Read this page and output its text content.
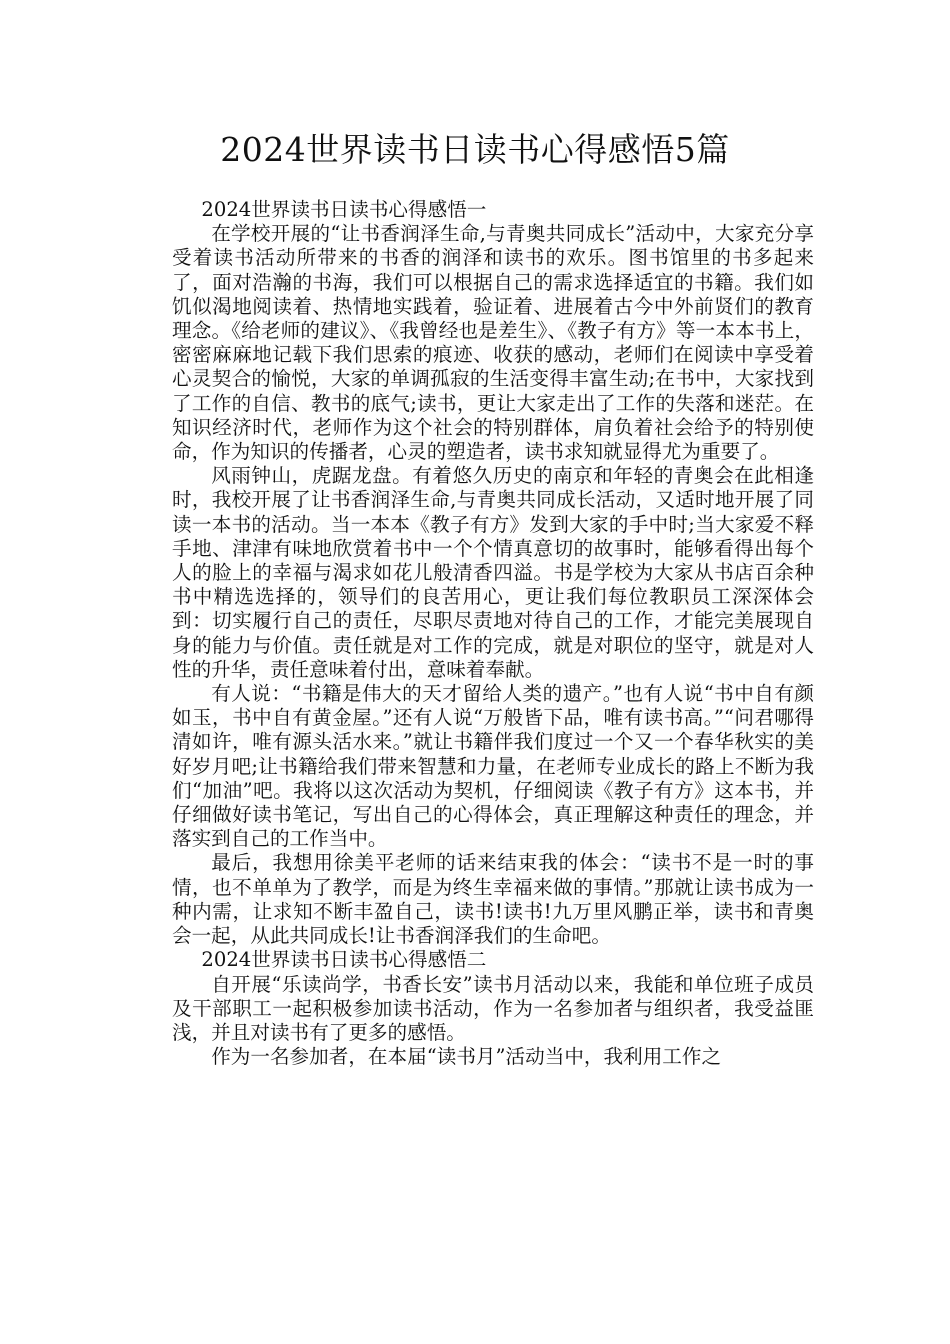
2024世界读书日读书心得感悟5篇
2024世界读书日读书心得感悟一

在学校开展的“让书香润泽生命,与青奥共同成长”活动中，大家充分享受着读书活动所带来的书香的润泽和读书的欢乐。图书馆里的书多起来了，面对浩瀚的书海，我们可以根据自己的需求选择适宜的书籍。我们如饥似渴地阅读着、热情地实践着，验证着、进展着古今中外前贤们的教育理念。《给老师的建议》、《我曾经也是差生》、《教子有方》等一本本书上，密密麻麻地记载下我们思索的痕迹、收获的感动，老师们在阅读中享受着心灵契合的愉悦，大家的单调孤寂的生活变得丰富生动;在书中，大家找到了工作的自信、教书的底气;读书，更让大家走出了工作的失落和迷茫。在知识经济时代，老师作为这个社会的特别群体，肩负着社会给予的特别使命，作为知识的传播者，心灵的塑造者，读书求知就显得尤为重要了。

风雨钟山，虎踞龙盘。有着悠久历史的南京和年轻的青奥会在此相逢时，我校开展了让书香润泽生命,与青奥共同成长活动，又适时地开展了同读一本书的活动。当一本本《教子有方》发到大家的手中时;当大家爱不释手地、津津有味地欣赏着书中一个个情真意切的故事时，能够看得出每个人的脸上的幸福与渴求如花儿般清香四溢。书是学校为大家从书店百余种书中精选选择的，领导们的良苦用心，更让我们每位教职员工深深体会到：切实履行自己的责任，尽职尽责地对待自己的工作，才能完美展现自身的能力与价值。责任就是对工作的完成，就是对职位的坚守，就是对人性的升华，责任意味着付出，意味着奉献。

有人说：“书籍是伟大的天才留给人类的遗产。”也有人说“书中自有颜如玉，书中自有黄金屋。”还有人说“万般皆下品，唯有读书高。”“问君哪得清如许，唯有源头活水来。”就让书籍伴我们度过一个又一个春华秋实的美好岁月吧;让书籍给我们带来智慧和力量，在老师专业成长的路上不断为我们“加油”吧。我将以这次活动为契机，仔细阅读《教子有方》这本书，并仔细做好读书笔记，写出自己的心得体会，真正理解这种责任的理念，并落实到自己的工作当中。

最后，我想用徐美平老师的话来结束我的体会：“读书不是一时的事情，也不单单为了教学，而是为终生幸福来做的事情。”那就让读书成为一种内需，让求知不断丰盈自己，读书!读书!九万里风鹏正举，读书和青奥会一起，从此共同成长!让书香润泽我们的生命吧。

2024世界读书日读书心得感悟二

自开展“乐读尚学，书香长安”读书月活动以来，我能和单位班子成员及干部职工一起积极参加读书活动，作为一名参加者与组织者，我受益匪浅，并且对读书有了更多的感悟。

作为一名参加者，在本届“读书月”活动当中，我利用工作之
